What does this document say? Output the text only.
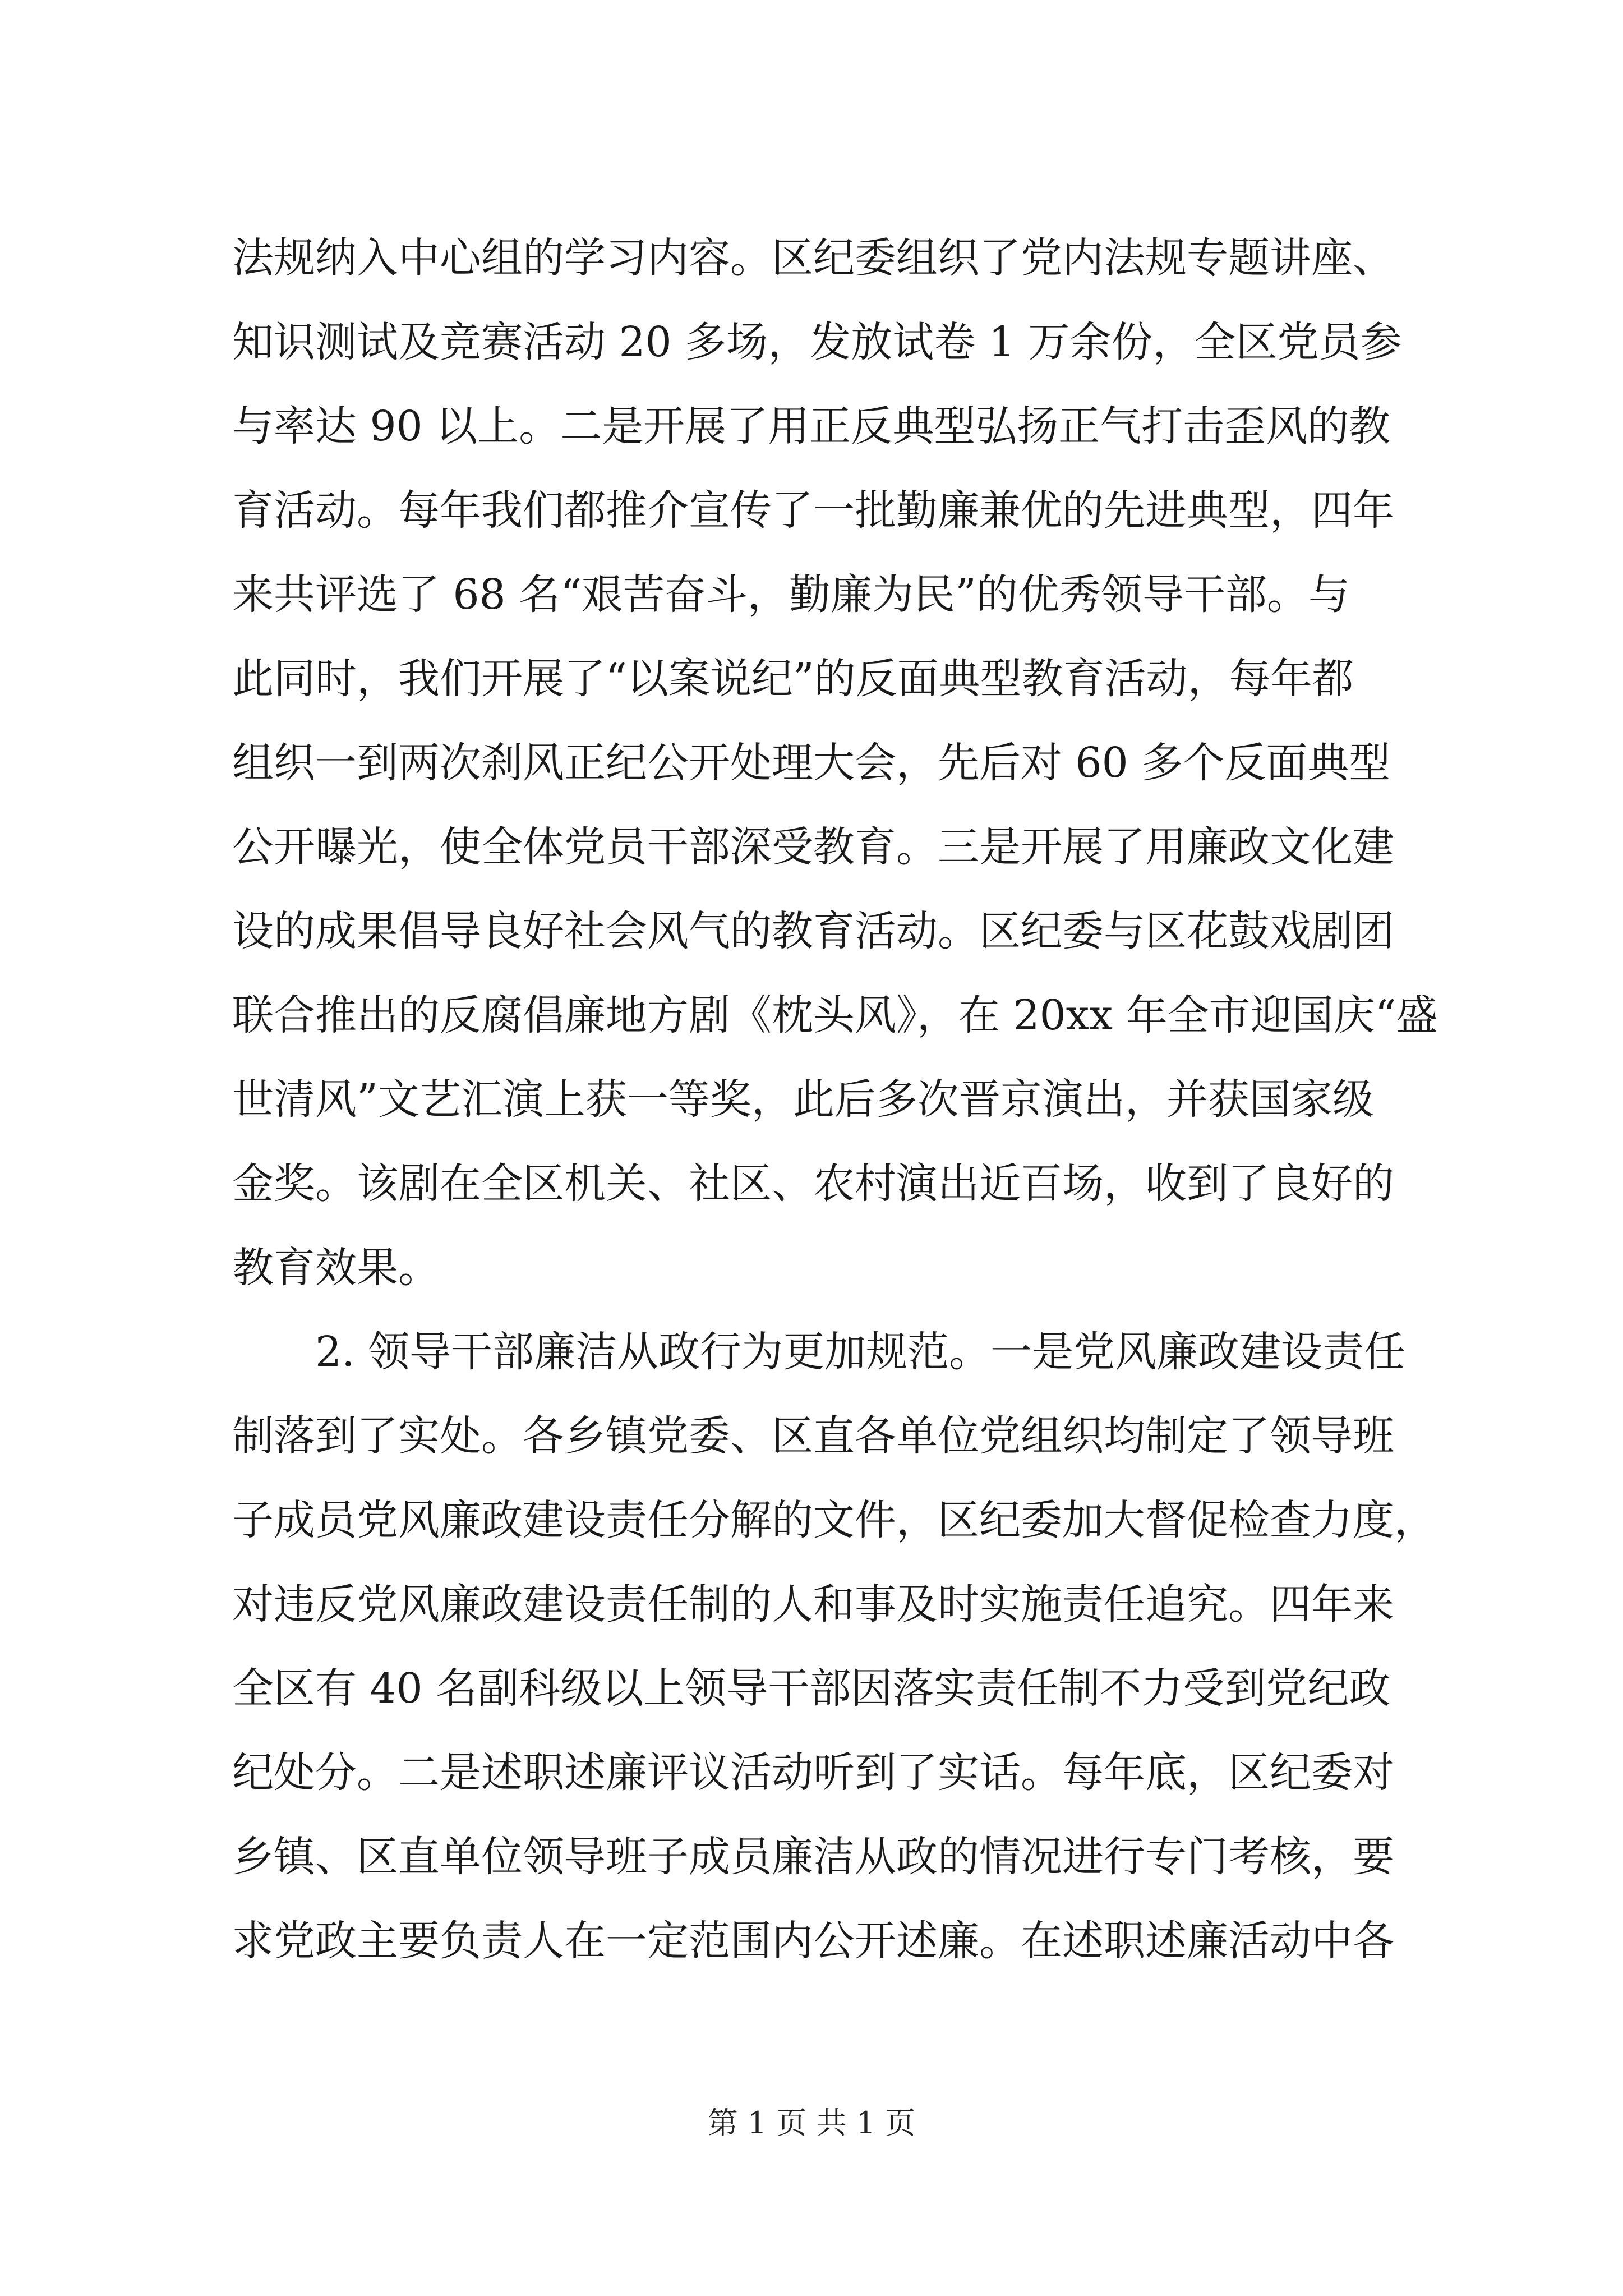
法规纳入中心组的学习内容。区纪委组织了党内法规专题讲座、
知识测试及竞赛活动 20 多场，发放试卷 1 万余份，全区党员参
与率达 90 以上。二是开展了用正反典型弘扬正气打击歪风的教
育活动。每年我们都推介宣传了一批勤廉兼优的先进典型，四年
来共评选了 68 名“艰苦奋斗，勤廉为民”的优秀领导干部。与
此同时，我们开展了“以案说纪”的反面典型教育活动，每年都
组织一到两次刹风正纪公开处理大会，先后对 60 多个反面典型
公开曝光，使全体党员干部深受教育。三是开展了用廉政文化建
设的成果倡导良好社会风气的教育活动。区纪委与区花鼓戏剧团
联合推出的反腐倡廉地方剧《枕头风》，在 20xx 年全市迎国庆“盛
世清风”文艺汇演上获一等奖，此后多次晋京演出，并获国家级
金奖。该剧在全区机关、社区、农村演出近百场，收到了良好的
教育效果。
2. 领导干部廉洁从政行为更加规范。一是党风廉政建设责任
制落到了实处。各乡镇党委、区直各单位党组织均制定了领导班
子成员党风廉政建设责任分解的文件，区纪委加大督促检查力度，
对违反党风廉政建设责任制的人和事及时实施责任追究。四年来
全区有 40 名副科级以上领导干部因落实责任制不力受到党纪政
纪处分。二是述职述廉评议活动听到了实话。每年底，区纪委对
乡镇、区直单位领导班子成员廉洁从政的情况进行专门考核，要
求党政主要负责人在一定范围内公开述廉。在述职述廉活动中各
第 1 页 共 1 页
